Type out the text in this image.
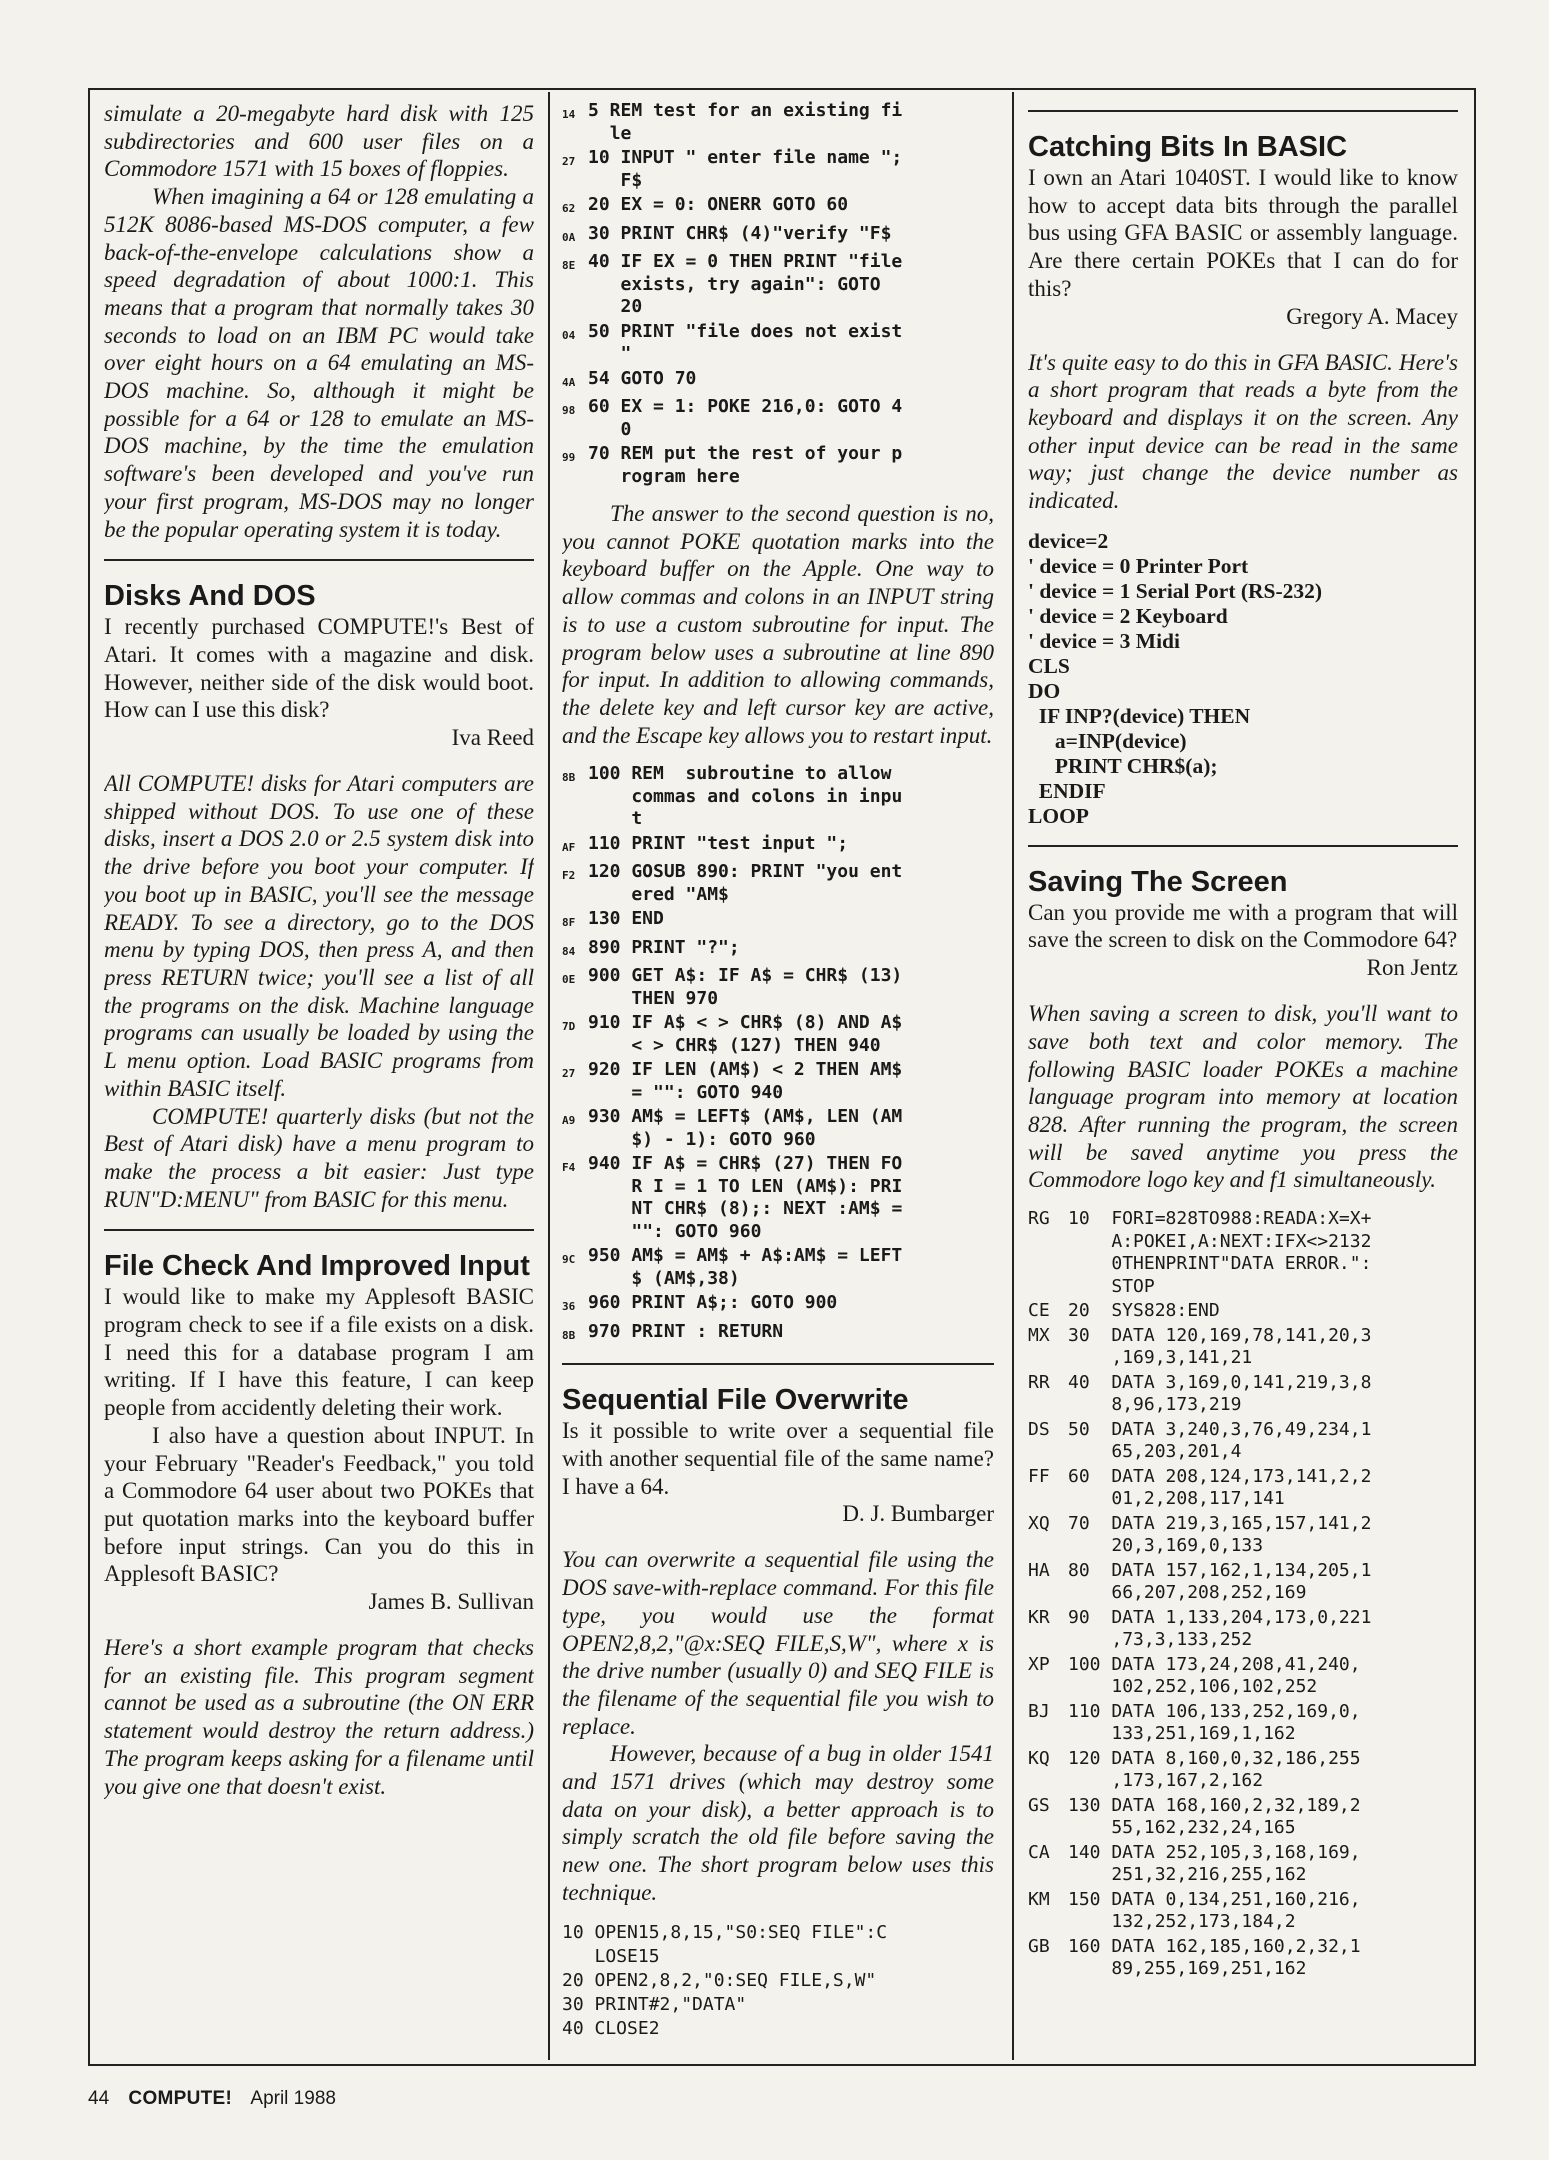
simulate a 20-megabyte hard disk with 125 subdirectories and 600 user files on a Commodore 1571 with 15 boxes of floppies.

When imagining a 64 or 128 emulating a 512K 8086-based MS-DOS computer, a few back-of-the-envelope calculations show a speed degradation of about 1000:1. This means that a program that normally takes 30 seconds to load on an IBM PC would take over eight hours on a 64 emulating an MS-DOS machine. So, although it might be possible for a 64 or 128 to emulate an MS-DOS machine, by the time the emulation software's been developed and you've run your first program, MS-DOS may no longer be the popular operating system it is today.

Disks And DOS

I recently purchased COMPUTE!'s Best of Atari. It comes with a magazine and disk. However, neither side of the disk would boot. How can I use this disk?

Iva Reed

All COMPUTE! disks for Atari computers are shipped without DOS. To use one of these disks, insert a DOS 2.0 or 2.5 system disk into the drive before you boot your computer. If you boot up in BASIC, you'll see the message READY. To see a directory, go to the DOS menu by typing DOS, then press A, and then press RETURN twice; you'll see a list of all the programs on the disk. Machine language programs can usually be loaded by using the L menu option. Load BASIC programs from within BASIC itself.

COMPUTE! quarterly disks (but not the Best of Atari disk) have a menu program to make the process a bit easier: Just type RUN"D:MENU" from BASIC for this menu.

File Check And Improved Input

I would like to make my Applesoft BASIC program check to see if a file exists on a disk. I need this for a database program I am writing. If I have this feature, I can keep people from accidently deleting their work.

I also have a question about INPUT. In your February "Reader's Feedback," you told a Commodore 64 user about two POKEs that put quotation marks into the keyboard buffer before input strings. Can you do this in Applesoft BASIC?

James B. Sullivan

Here's a short example program that checks for an existing file. This program segment cannot be used as a subroutine (the ON ERR statement would destroy the return address.) The program keeps asking for a filename until you give one that doesn't exist.

14 5 REM test for an existing fi
le
27 10 INPUT " enter file name ";
F$
62 20 EX = 0: ONERR GOTO 60
0A 30 PRINT CHR$ (4)"verify "F$
8E 40 IF EX = 0 THEN PRINT "file
exists, try again": GOTO
20
04 50 PRINT "file does not exist
"
4A 54 GOTO 70
98 60 EX = 1: POKE 216,0: GOTO 4
0
99 70 REM put the rest of your p
rogram here

The answer to the second question is no, you cannot POKE quotation marks into the keyboard buffer on the Apple. One way to allow commas and colons in an INPUT string is to use a custom subroutine for input. The program below uses a subroutine at line 890 for input. In addition to allowing commands, the delete key and left cursor key are active, and the Escape key allows you to restart input.

8B 100 REM  subroutine to allow
commas and colons in inpu
t
AF 110 PRINT "test input ";
F2 120 GOSUB 890: PRINT "you ent
ered "AM$
8F 130 END
84 890 PRINT "?";
0E 900 GET A$: IF A$ = CHR$ (13)
THEN 970
7D 910 IF A$ < > CHR$ (8) AND A$
< > CHR$ (127) THEN 940
27 920 IF LEN (AM$) < 2 THEN AM$
= "": GOTO 940
A9 930 AM$ = LEFT$ (AM$, LEN (AM
$) - 1): GOTO 960
F4 940 IF A$ = CHR$ (27) THEN FO
R I = 1 TO LEN (AM$): PRI
NT CHR$ (8);: NEXT :AM$ =
"": GOTO 960
9C 950 AM$ = AM$ + A$:AM$ = LEFT
$ (AM$,38)
36 960 PRINT A$;: GOTO 900
8B 970 PRINT : RETURN
Sequential File Overwrite

Is it possible to write over a sequential file with another sequential file of the same name? I have a 64.

D. J. Bumbarger

You can overwrite a sequential file using the DOS save-with-replace command. For this file type, you would use the format OPEN2,8,2,"@x:SEQ FILE,S,W", where x is the drive number (usually 0) and SEQ FILE is the filename of the sequential file you wish to replace.

However, because of a bug in older 1541 and 1571 drives (which may destroy some data on your disk), a better approach is to simply scratch the old file before saving the new one. The short program below uses this technique.

10 OPEN15,8,15,"S0:SEQ FILE":C
LOSE15
20 OPEN2,8,2,"0:SEQ FILE,S,W"
30 PRINT#2,"DATA"
40 CLOSE2
Catching Bits In BASIC

I own an Atari 1040ST. I would like to know how to accept data bits through the parallel bus using GFA BASIC or assembly language. Are there certain POKEs that I can do for this?

Gregory A. Macey

It's quite easy to do this in GFA BASIC. Here's a short program that reads a byte from the keyboard and displays it on the screen. Any other input device can be read in the same way; just change the device number as indicated.

device=2
' device = 0 Printer Port
' device = 1 Serial Port (RS-232)
' device = 2 Keyboard
' device = 3 Midi
CLS
DO
IF INP?(device) THEN
a=INP(device)
PRINT CHR$(a);
ENDIF
LOOP
Saving The Screen

Can you provide me with a program that will save the screen to disk on the Commodore 64?

Ron Jentz

When saving a screen to disk, you'll want to save both text and color memory. The following BASIC loader POKEs a machine language program into memory at location 828. After running the program, the screen will be saved anytime you press the Commodore logo key and f1 simultaneously.

RG	10  FORI=828TO988:READA:X=X+
A:POKEI,A:NEXT:IFX<>2132
0THENPRINT"DATA ERROR.":
STOP
CE	20  SYS828:END
MX	30  DATA 120,169,78,141,20,3
,169,3,141,21
RR	40  DATA 3,169,0,141,219,3,8
8,96,173,219
DS	50  DATA 3,240,3,76,49,234,1
65,203,201,4
FF	60  DATA 208,124,173,141,2,2
01,2,208,117,141
XQ	70  DATA 219,3,165,157,141,2
20,3,169,0,133
HA	80  DATA 157,162,1,134,205,1
66,207,208,252,169
KR	90  DATA 1,133,204,173,0,221
,73,3,133,252
XP	100 DATA 173,24,208,41,240,
102,252,106,102,252
BJ	110 DATA 106,133,252,169,0,
133,251,169,1,162
KQ	120 DATA 8,160,0,32,186,255
,173,167,2,162
GS	130 DATA 168,160,2,32,189,2
55,162,232,24,165
CA	140 DATA 252,105,3,168,169,
251,32,216,255,162
KM	150 DATA 0,134,251,160,216,
132,252,173,184,2
GB	160 DATA 162,185,160,2,32,1
89,255,169,251,162
44 COMPUTE! April 1988
